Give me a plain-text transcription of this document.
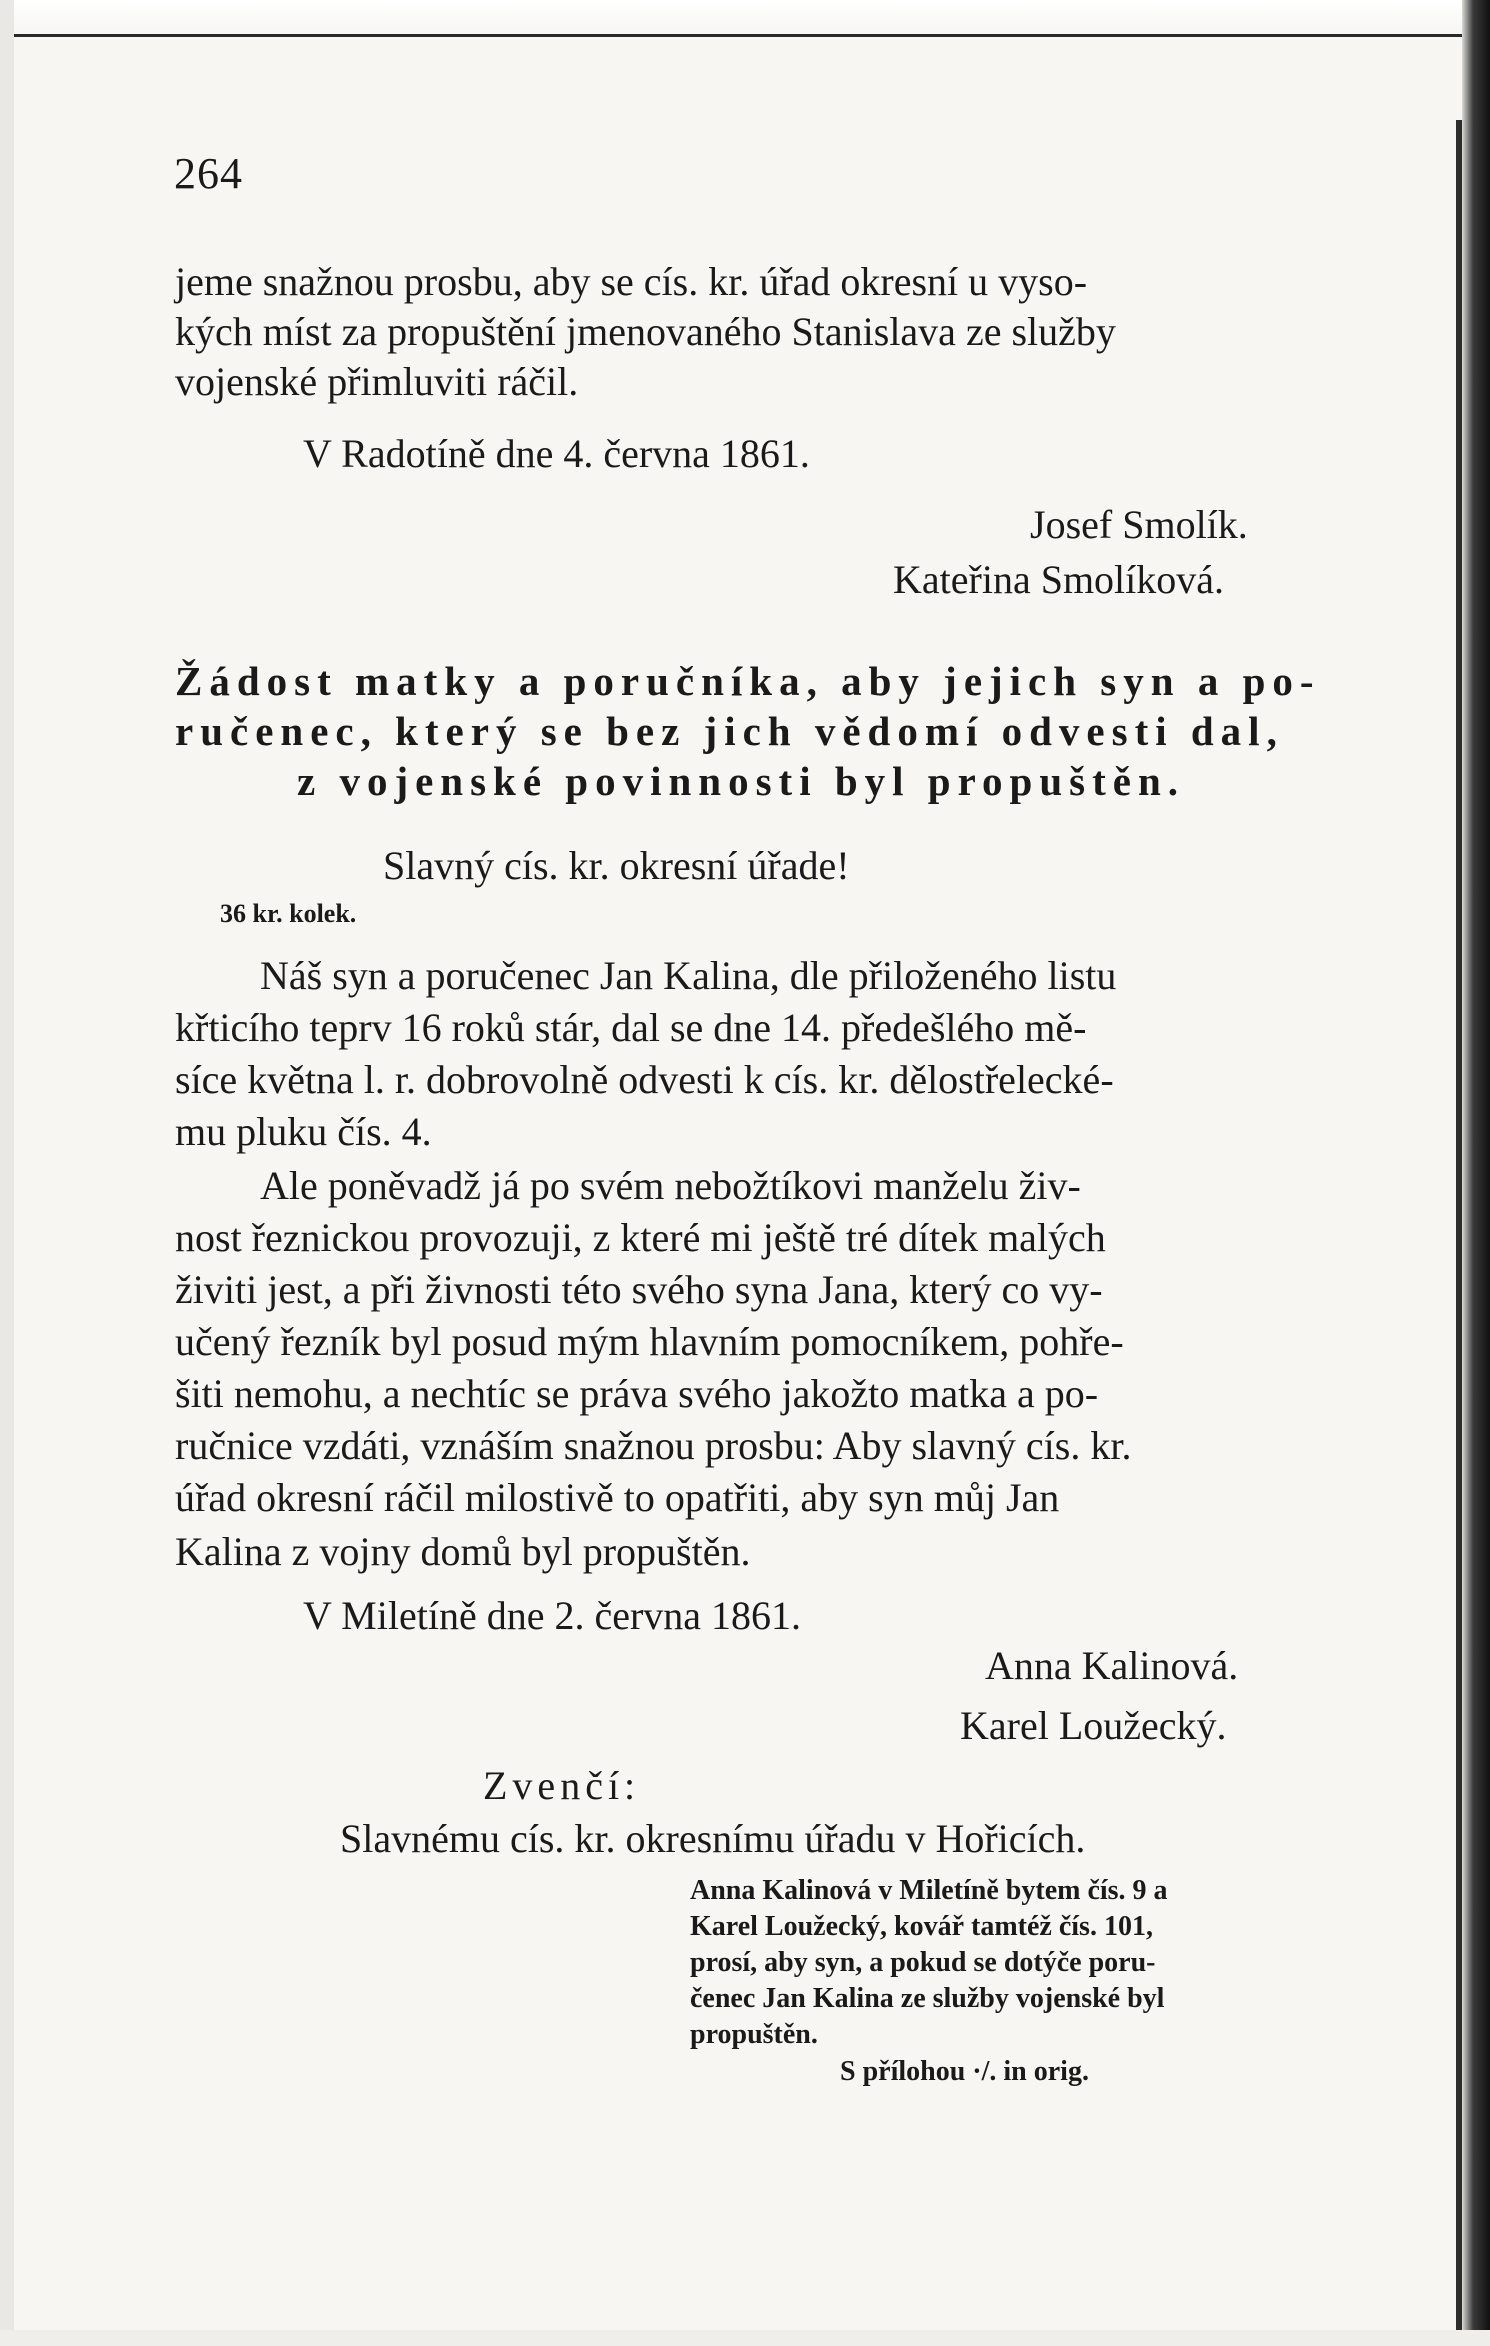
264
jeme snažnou prosbu, aby se cís. kr. úřad okresní u vyso-
kých míst za propuštění jmenovaného Stanislava ze služby
vojenské přimluviti ráčil.
V Radotíně dne 4. června 1861.
Josef Smolík.
Kateřina Smolíková.
Žádost matky a poručníka, aby jejich syn a po-
ručenec, který se bez jich vědomí odvesti dal,
z vojenské povinnosti byl propuštěn.
Slavný cís. kr. okresní úřade!
36 kr. kolek.
Náš syn a poručenec Jan Kalina, dle přiloženého listu
křticího teprv 16 roků stár, dal se dne 14. předešlého mě-
síce května l. r. dobrovolně odvesti k cís. kr. dělostřelecké-
mu pluku čís. 4.
Ale poněvadž já po svém nebožtíkovi manželu živ-
nost řeznickou provozuji, z které mi ještě tré dítek malých
živiti jest, a při živnosti této svého syna Jana, který co vy-
učený řezník byl posud mým hlavním pomocníkem, pohře-
šiti nemohu, a nechtíc se práva svého jakožto matka a po-
ručnice vzdáti, vznáším snažnou prosbu: Aby slavný cís. kr.
úřad okresní ráčil milostivě to opatřiti, aby syn můj Jan
Kalina z vojny domů byl propuštěn.
V Miletíně dne 2. června 1861.
Anna Kalinová.
Karel Loužecký.
Zvenčí:
Slavnému cís. kr. okresnímu úřadu v Hořicích.
Anna Kalinová v Miletíně bytem čís. 9 a
Karel Loužecký, kovář tamtéž čís. 101,
prosí, aby syn, a pokud se dotýče poru-
čenec Jan Kalina ze služby vojenské byl
propuštěn.
S přílohou ·/. in orig.
